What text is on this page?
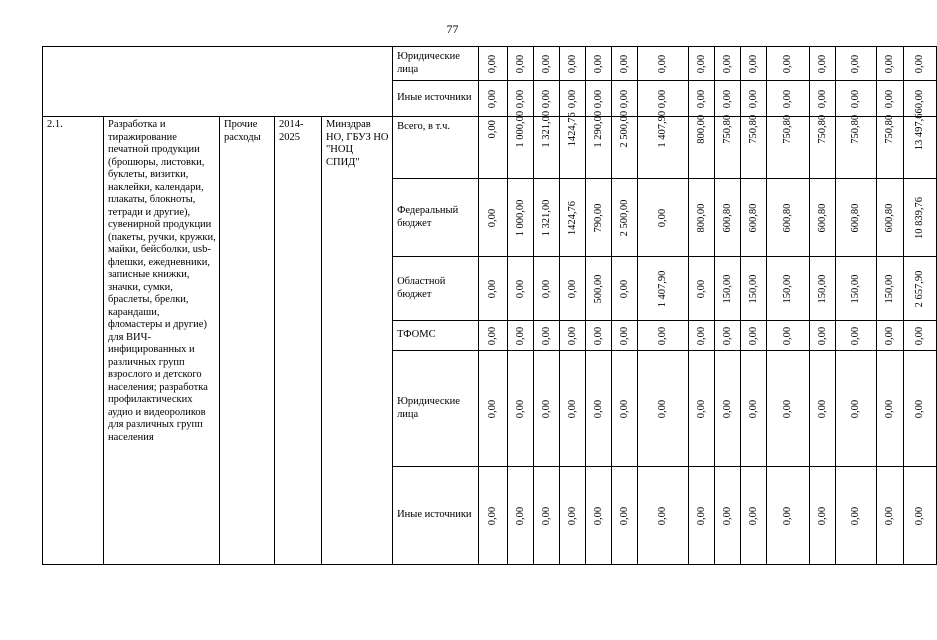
77
					Юридические лица	0,00	0,00	0,00	0,00	0,00	0,00	0,00	0,00	0,00	0,00	0,00	0,00	0,00	0,00	0,00

					Иные источники	0,00	0,00	0,00	0,00	0,00	0,00	0,00	0,00	0,00	0,00	0,00	0,00	0,00	0,00	0,00

2.1.	Разработка и тиражирование печатной продукции (брошюры, листовки, буклеты, визитки, наклейки, календари, плакаты, блокноты, тетради и другие), сувенирной продукции (пакеты, ручки, кружки, майки, бейсболки, usb-флешки, ежедневники, записные книжки, значки, сумки, браслеты, брелки, карандаши, фломастеры и другие) для ВИЧ-инфицированных и различных групп взрослого и детского населения; разработка профилактических аудио и видеороликов для различных групп населения	Прочие расходы	2014-2025	Минздрав НО, ГБУЗ НО "НОЦ СПИД"	Всего, в т.ч.	0,00	1 000,00	1 321,00	1424,76	1 290,00	2 500,00	1 407,90	800,00	750,80	750,80	750,80	750,80	750,80	750,80	13 497,66

					Федеральный бюджет	0,00	1 000,00	1 321,00	1424,76	790,00	2 500,00	0,00	800,00	600,80	600,80	600,80	600,80	600,80	600,80	10 839,76

					Областной бюджет	0,00	0,00	0,00	0,00	500,00	0,00	1 407,90	0,00	150,00	150,00	150,00	150,00	150,00	150,00	2 657,90

					ТФОМС	0,00	0,00	0,00	0,00	0,00	0,00	0,00	0,00	0,00	0,00	0,00	0,00	0,00	0,00	0,00

					Юридические лица	0,00	0,00	0,00	0,00	0,00	0,00	0,00	0,00	0,00	0,00	0,00	0,00	0,00	0,00	0,00

					Иные источники	0,00	0,00	0,00	0,00	0,00	0,00	0,00	0,00	0,00	0,00	0,00	0,00	0,00	0,00	0,00
